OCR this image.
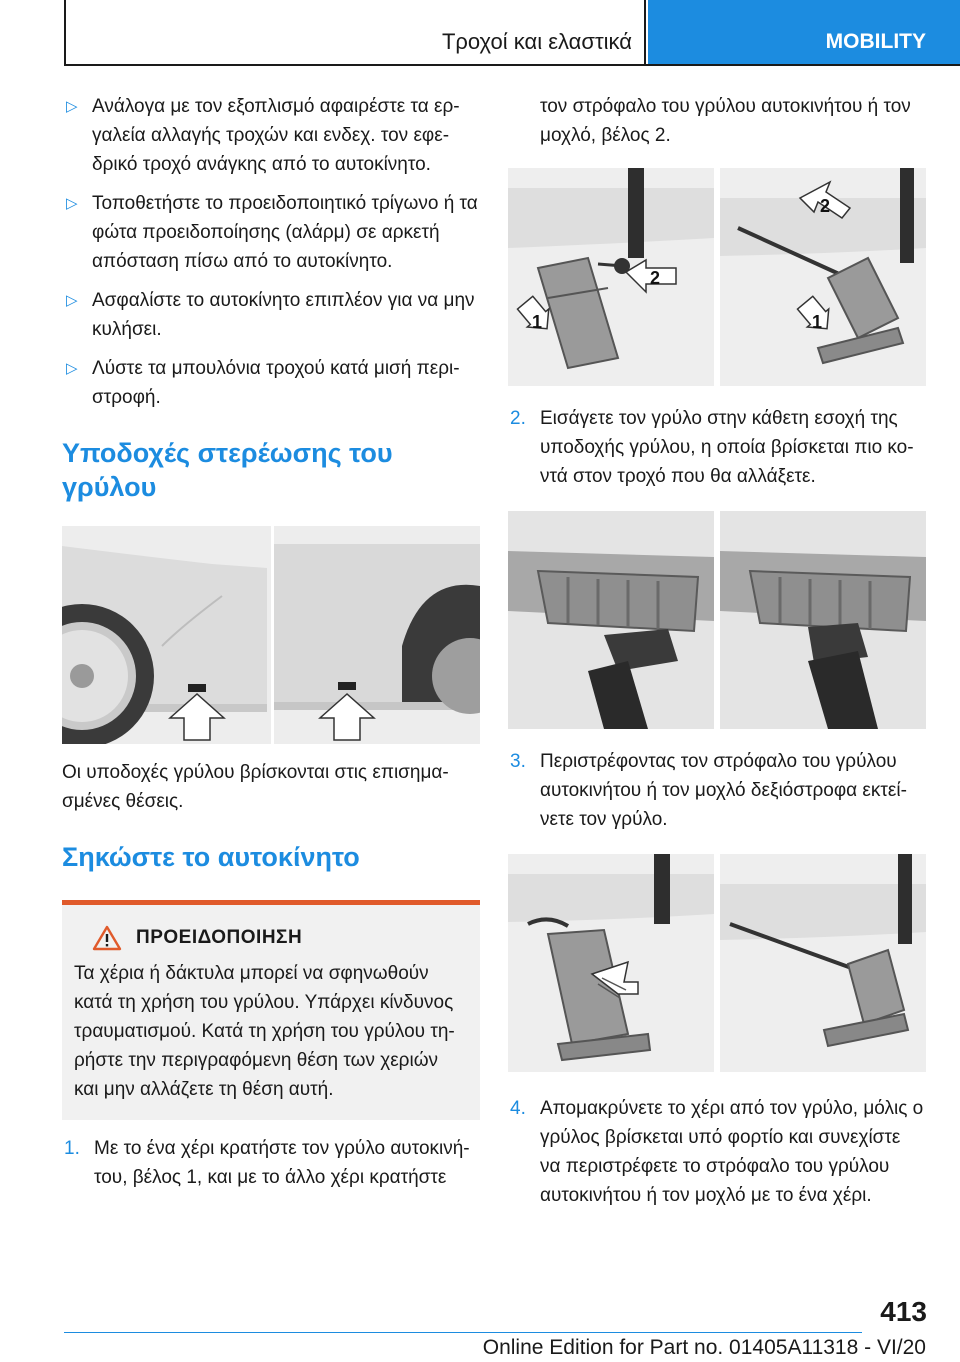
Τροχοί και ελαστικά	MOBILITY
▷ Ανάλογα με τον εξοπλισμό αφαιρέστε τα ερ-γαλεία αλλαγής τροχών και ενδεχ. τον εφε-δρικό τροχό ανάγκης από το αυτοκίνητο.
▷ Τοποθετήστε το προειδοποιητικό τρίγωνο ή τα φώτα προειδοποίησης (αλάρμ) σε αρκετή απόσταση πίσω από το αυτοκίνητο.
▷ Ασφαλίστε το αυτοκίνητο επιπλέον για να μην κυλήσει.
▷ Λύστε τα μπουλόνια τροχού κατά μισή περι-στροφή.
Υποδοχές στερέωσης του γρύλου

Οι υποδοχές γρύλου βρίσκονται στις επισημα-σμένες θέσεις.

Σηκώστε το αυτοκίνητο
ΠΡΟΕΙΔΟΠΟΙΗΣΗ
Τα χέρια ή δάκτυλα μπορεί να σφηνωθούν κατά τη χρήση του γρύλου. Υπάρχει κίνδυνος τραυματισμού. Κατά τη χρήση του γρύλου τη-ρήστε την περιγραφόμενη θέση των χεριών και μην αλλάζετε τη θέση αυτή.
1. Με το ένα χέρι κρατήστε τον γρύλο αυτοκινή-του, βέλος 1, και με το άλλο χέρι κρατήστε

τον στρόφαλο του γρύλου αυτοκινήτου ή τον μοχλό, βέλος 2.

1
2
2
1
2. Εισάγετε τον γρύλο στην κάθετη εσοχή της υποδοχής γρύλου, η οποία βρίσκεται πιο κο-ντά στον τροχό που θα αλλάξετε.
3. Περιστρέφοντας τον στρόφαλο του γρύλου αυτοκινήτου ή τον μοχλό δεξιόστροφα εκτεί-νετε τον γρύλο.
4. Απομακρύνετε το χέρι από τον γρύλο, μόλις ο γρύλος βρίσκεται υπό φορτίο και συνεχίστε να περιστρέφετε το στρόφαλο του γρύλου αυτοκινήτου ή τον μοχλό με το ένα χέρι.
413
Online Edition for Part no. 01405A11318 - VI/20
